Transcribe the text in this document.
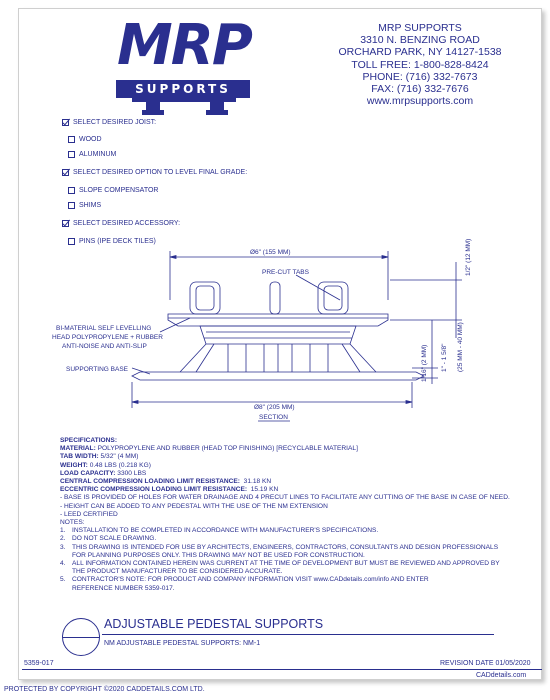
MRP
SUPPORTS
MRP SUPPORTS
3310 N. BENZING ROAD
ORCHARD PARK, NY 14127-1538
TOLL FREE: 1-800-828-8424
PHONE: (716) 332-7673
FAX: (716) 332-7676
www.mrpsupports.com
SELECT DESIRED JOIST:
WOOD
ALUMINUM
SELECT DESIRED OPTION TO LEVEL FINAL GRADE:
SLOPE COMPENSATOR
SHIMS
SELECT DESIRED ACCESSORY:
PINS (IPE DECK TILES)
Ø6" (155 MM)
PRE-CUT TABS	1/2" (12 MM)
BI-MATERIAL SELF LEVELLING
HEAD POLYPROPYLENE + RUBBER
ANTI-NOISE AND ANTI-SLIP
SUPPORTING BASE	1/16" (2 MM) 1" - 1 5/8" (25 MM - 40 MM)
Ø8" (205 MM)
SECTION
SPECIFICATIONS:
MATERIAL: POLYPROPYLENE AND RUBBER (HEAD TOP FINISHING) [RECYCLABLE MATERIAL]
TAB WIDTH: 5/32" (4 MM)
WEIGHT: 0.48 LBS (0.218 KG)
LOAD CAPACITY: 3300 LBS
CENTRAL COMPRESSION LOADING LIMIT RESISTANCE: 31.18 KN
ECCENTRIC COMPRESSION LOADING LIMIT RESISTANCE: 15.19 KN
- BASE IS PROVIDED OF HOLES FOR WATER DRAINAGE AND 4 PRECUT LINES TO FACILITATE ANY CUTTING OF THE BASE IN CASE OF NEED.
- HEIGHT CAN BE ADDED TO ANY PEDESTAL WITH THE USE OF THE NM EXTENSION
- LEED CERTIFIED
NOTES:
1. INSTALLATION TO BE COMPLETED IN ACCORDANCE WITH MANUFACTURER'S SPECIFICATIONS.
2. DO NOT SCALE DRAWING.
3. THIS DRAWING IS INTENDED FOR USE BY ARCHITECTS, ENGINEERS, CONTRACTORS, CONSULTANTS AND DESIGN PROFESSIONALS
FOR PLANNING PURPOSES ONLY. THIS DRAWING MAY NOT BE USED FOR CONSTRUCTION.
4. ALL INFORMATION CONTAINED HEREIN WAS CURRENT AT THE TIME OF DEVELOPMENT BUT MUST BE REVIEWED AND APPROVED BY
THE PRODUCT MANUFACTURER TO BE CONSIDERED ACCURATE.
5. CONTRACTOR'S NOTE: FOR PRODUCT AND COMPANY INFORMATION VISIT www.CADdetails.com/info AND ENTER
REFERENCE NUMBER 5359-017.
ADJUSTABLE PEDESTAL SUPPORTS
NM ADJUSTABLE PEDESTAL SUPPORTS: NM-1
5359-017	REVISION DATE 01/05/2020
CADdetails.com
PROTECTED BY COPYRIGHT ©2020 CADDETAILS.COM LTD.
